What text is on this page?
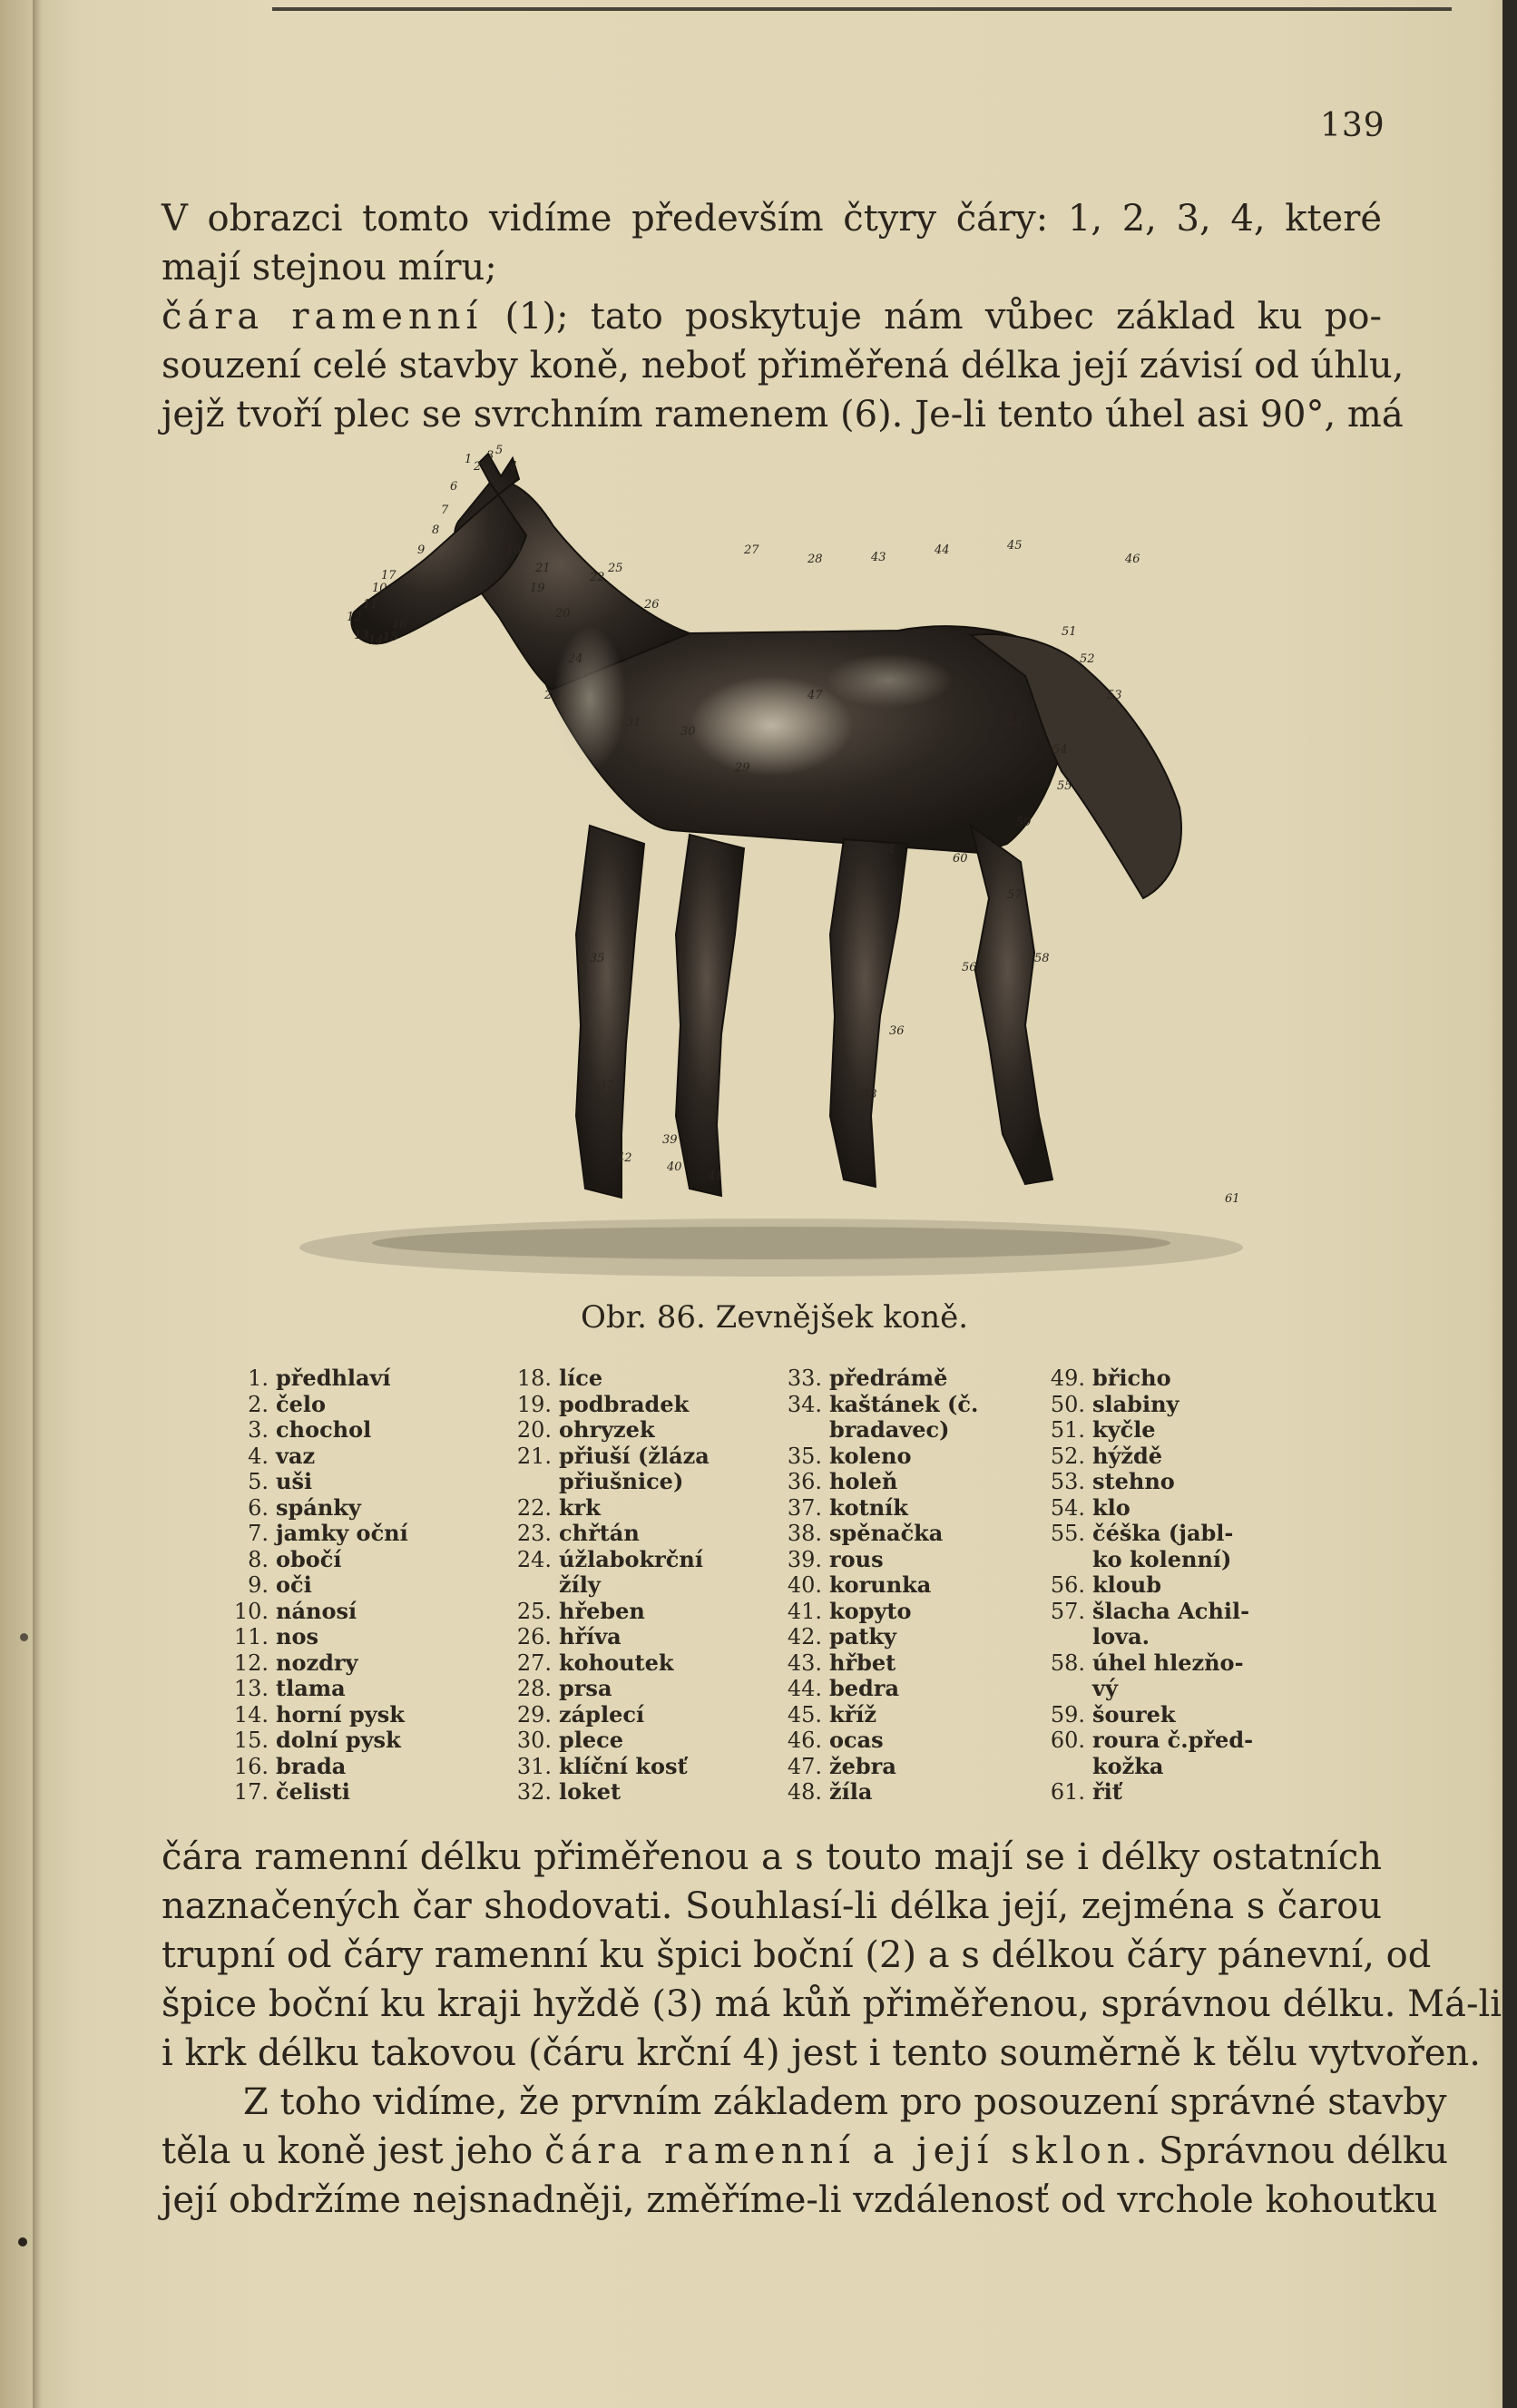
139
V obrazci tomto vidíme především čtyry čáry: 1, 2, 3, 4, které
mají stejnou míru;
čára ramenní (1); tato poskytuje nám vůbec základ ku po-
souzení celé stavby koně, neboť přiměřená délka její závisí od úhlu,
jejž tvoří plec se svrchním ramenem (6). Je-li tento úhel asi 90°, má
1
2
3
4
5
6
7
8
9
10
11
12
13 14 15
16
17
18
19
20
21
22
23
24
25
26
27
28
29
30
31
32
33
34
35
36
37
38
39
40
41
42
43
44	45
46
47
48
49
50
51
52
53
54
55
56
57
58
59
60
61
Obr. 86. Zevnějšek koně.
1. předhlaví
2. čelo
3. chochol
4. vaz
5. uši
6. spánky
7. jamky oční
8. obočí
9. oči
10. nánosí
11. nos
12. nozdry
13. tlama
14. horní pysk
15. dolní pysk
16. brada
17. čelisti
18. líce
19. podbradek
20. ohryzek
21. přiuší (žláza
přiušnice)
22. krk
23. chřtán
24. úžlabokrční
žíly
25. hřeben
26. hříva
27. kohoutek
28. prsa
29. záplecí
30. plece
31. klíční kosť
32. loket
33. předrámě
34. kaštánek (č.
bradavec)
35. koleno
36. holeň
37. kotník
38. spěnačka
39. rous
40. korunka
41. kopyto
42. patky
43. hřbet
44. bedra
45. kříž
46. ocas
47. žebra
48. žíla
49. břicho
50. slabiny
51. kyčle
52. hýždě
53. stehno
54. klo
55. čéška (jabl-
ko kolenní)
56. kloub
57. šlacha Achil-
lova.
58. úhel hlezňo-
vý
59. šourek
60. roura č.před-
kožka
61. řiť
čára ramenní délku přiměřenou a s touto mají se i délky ostatních
naznačených čar shodovati. Souhlasí-li délka její, zejména s čarou
trupní od čáry ramenní ku špici boční (2) a s délkou čáry pánevní, od
špice boční ku kraji hyždě (3) má kůň přiměřenou, správnou délku. Má-li
i krk délku takovou (čáru krční 4) jest i tento souměrně k tělu vytvořen.
Z toho vidíme, že prvním základem pro posouzení správné stavby
těla u koně jest jeho čára ramenní a její sklon. Správnou délku
její obdržíme nejsnadněji, změříme-li vzdálenosť od vrchole kohoutku
